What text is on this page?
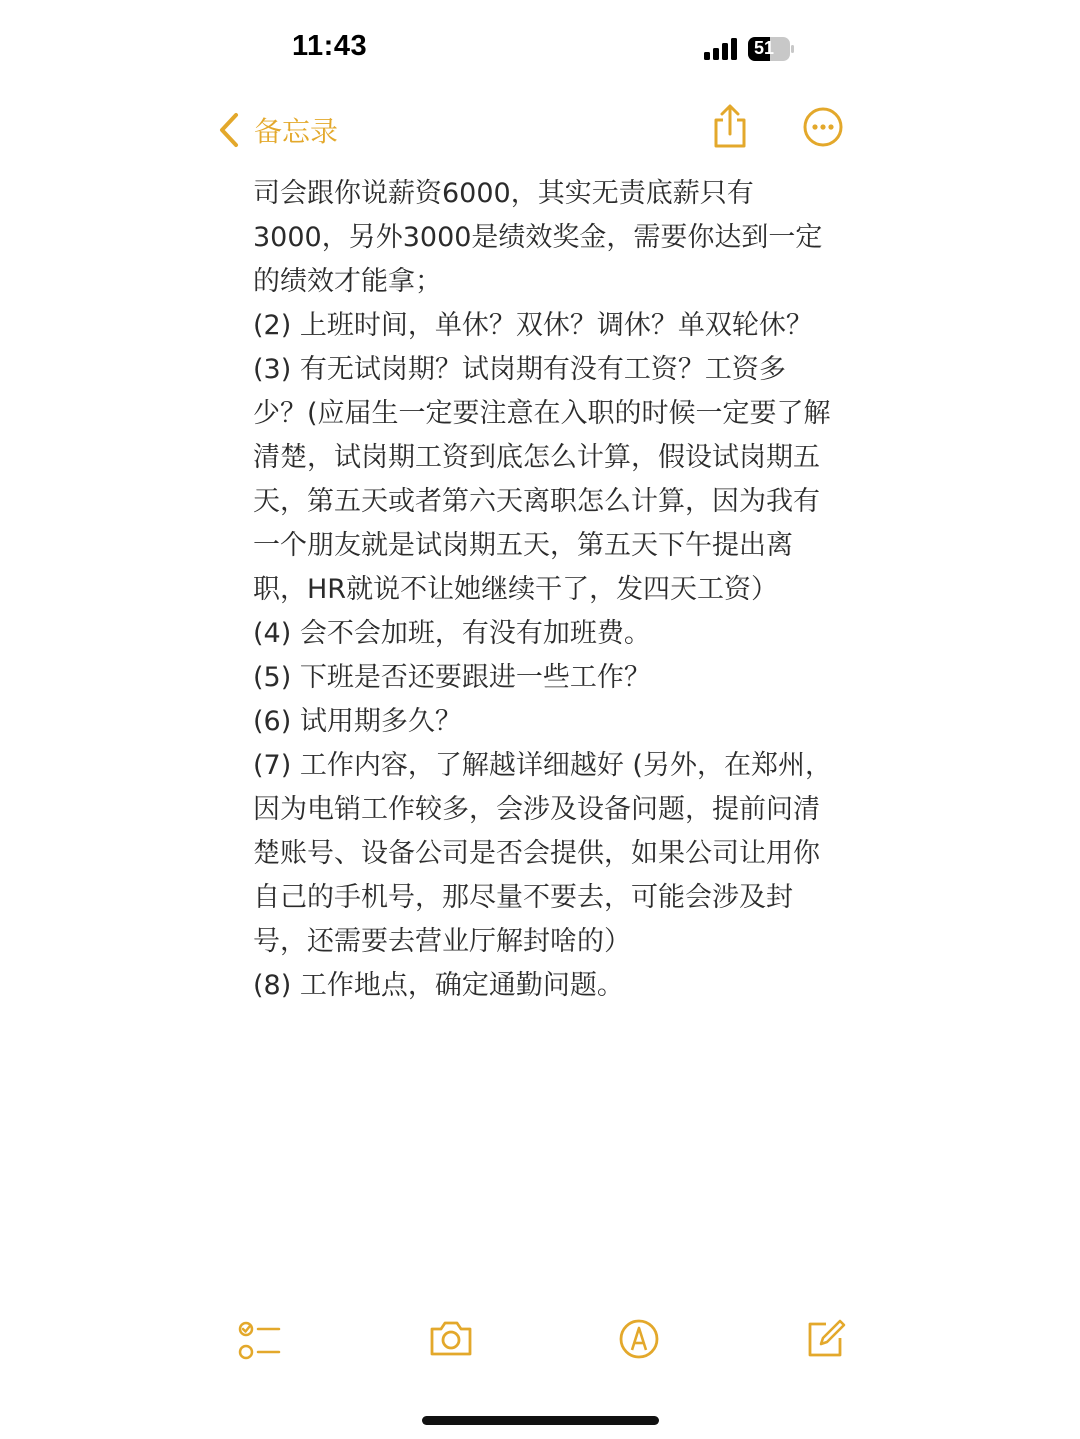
11:43	51
备忘录

司会跟你说薪资6000，其实无责底薪只有3000，另外3000是绩效奖金，需要你达到一定的绩效才能拿；

(2) 上班时间，单休？双休？调休？单双轮休？

(3) 有无试岗期？试岗期有没有工资？工资多少？(应届生一定要注意在入职的时候一定要了解清楚，试岗期工资到底怎么计算，假设试岗期五天，第五天或者第六天离职怎么计算，因为我有一个朋友就是试岗期五天，第五天下午提出离职，HR就说不让她继续干了，发四天工资）

(4) 会不会加班，有没有加班费。

(5) 下班是否还要跟进一些工作？

(6) 试用期多久？

(7) 工作内容，了解越详细越好 (另外，在郑州，因为电销工作较多，会涉及设备问题，提前问清楚账号、设备公司是否会提供，如果公司让用你自己的手机号，那尽量不要去，可能会涉及封号，还需要去营业厅解封啥的）

(8) 工作地点，确定通勤问题。
